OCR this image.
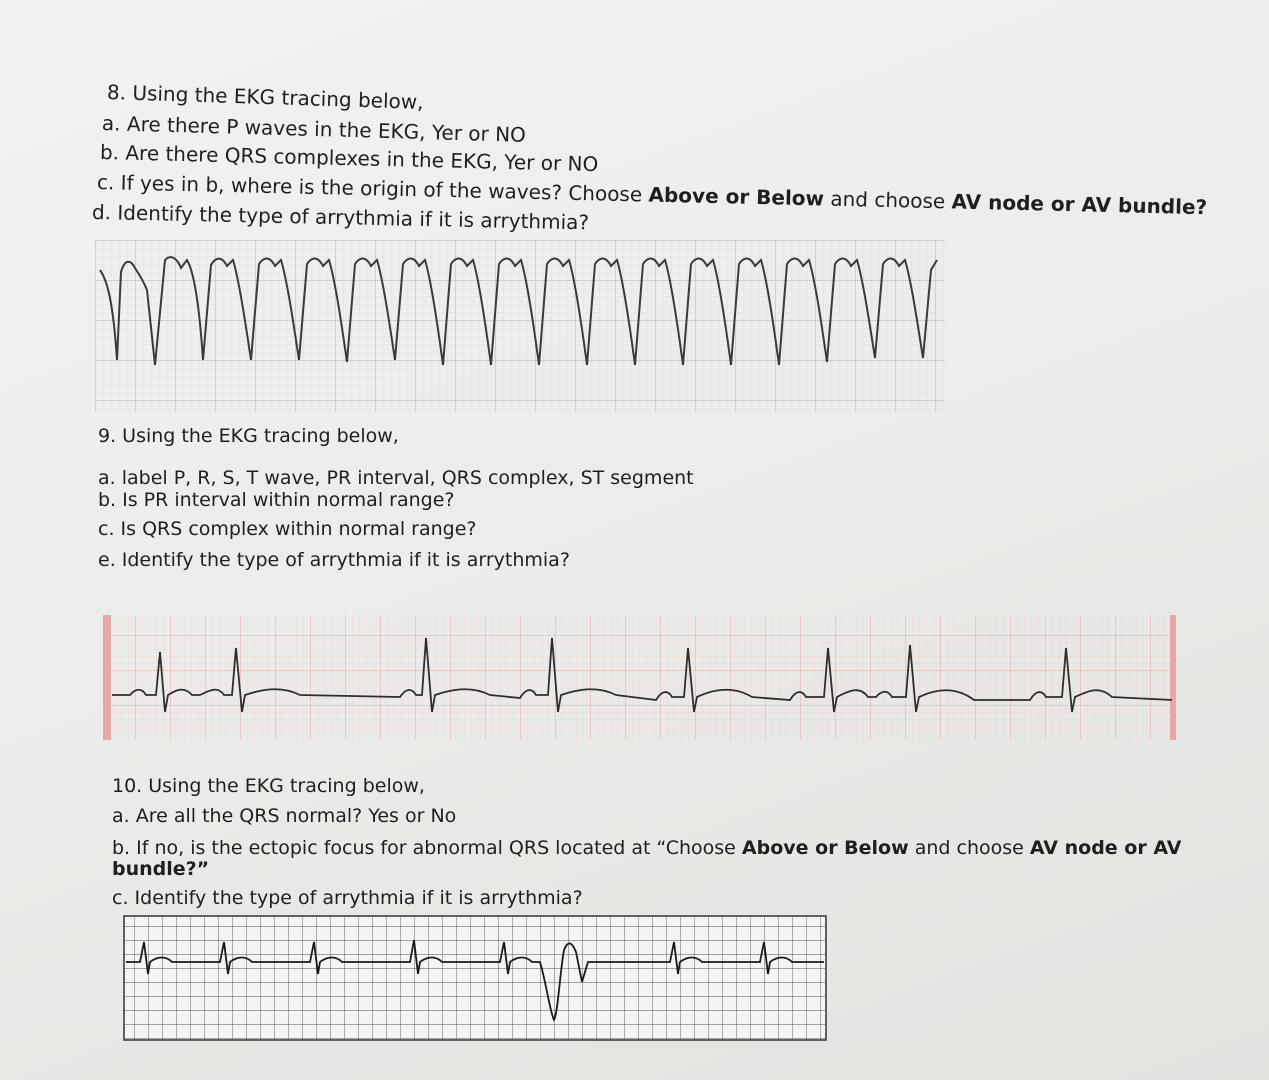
8. Using the EKG tracing below,

a. Are there P waves in the EKG, Yer or NO

b. Are there QRS complexes in the EKG, Yer or NO

c. If yes in b, where is the origin of the waves? Choose Above or Below and choose AV node or AV bundle?

d. Identify the type of arrythmia if it is arrythmia?

9. Using the EKG tracing below,

a. label P, R, S, T wave, PR interval, QRS complex, ST segment

b. Is PR interval within normal range?

c. Is QRS complex within normal range?

e. Identify the type of arrythmia if it is arrythmia?

10. Using the EKG tracing below,

a. Are all the QRS normal? Yes or No

b. If no, is the ectopic focus for abnormal QRS located at “Choose Above or Below and choose AV node or AV

bundle?”

c. Identify the type of arrythmia if it is arrythmia?
